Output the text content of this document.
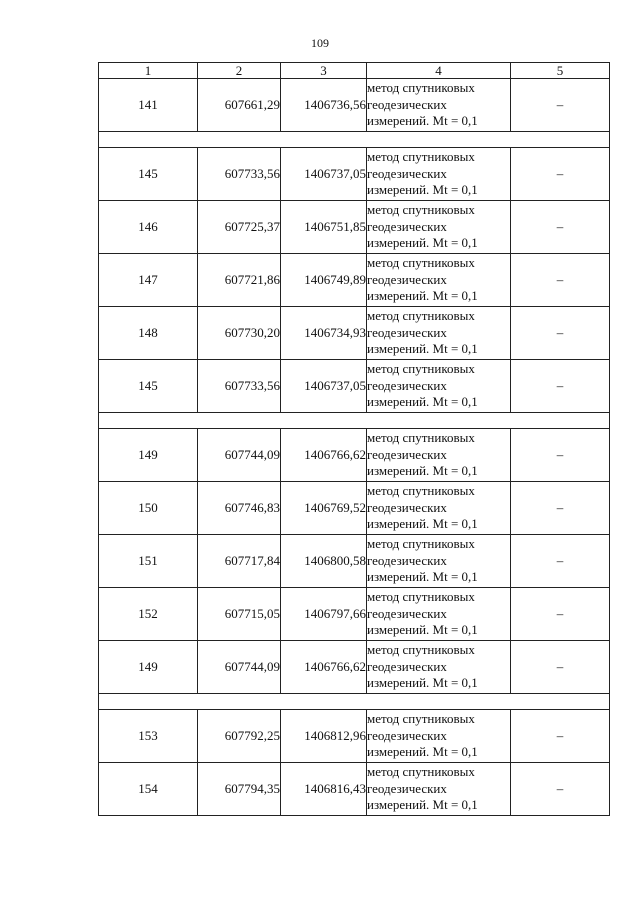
109
1	2	3	4	5
141	607661,29	1406736,56	метод спутниковых
геодезических
измерений. Mt = 0,1	–

145	607733,56	1406737,05	метод спутниковых
геодезических
измерений. Mt = 0,1	–
146	607725,37	1406751,85	метод спутниковых
геодезических
измерений. Mt = 0,1	–
147	607721,86	1406749,89	метод спутниковых
геодезических
измерений. Mt = 0,1	–
148	607730,20	1406734,93	метод спутниковых
геодезических
измерений. Mt = 0,1	–
145	607733,56	1406737,05	метод спутниковых
геодезических
измерений. Mt = 0,1	–

149	607744,09	1406766,62	метод спутниковых
геодезических
измерений. Mt = 0,1	–
150	607746,83	1406769,52	метод спутниковых
геодезических
измерений. Mt = 0,1	–
151	607717,84	1406800,58	метод спутниковых
геодезических
измерений. Mt = 0,1	–
152	607715,05	1406797,66	метод спутниковых
геодезических
измерений. Mt = 0,1	–
149	607744,09	1406766,62	метод спутниковых
геодезических
измерений. Mt = 0,1	–

153	607792,25	1406812,96	метод спутниковых
геодезических
измерений. Mt = 0,1	–
154	607794,35	1406816,43	метод спутниковых
геодезических
измерений. Mt = 0,1	–
